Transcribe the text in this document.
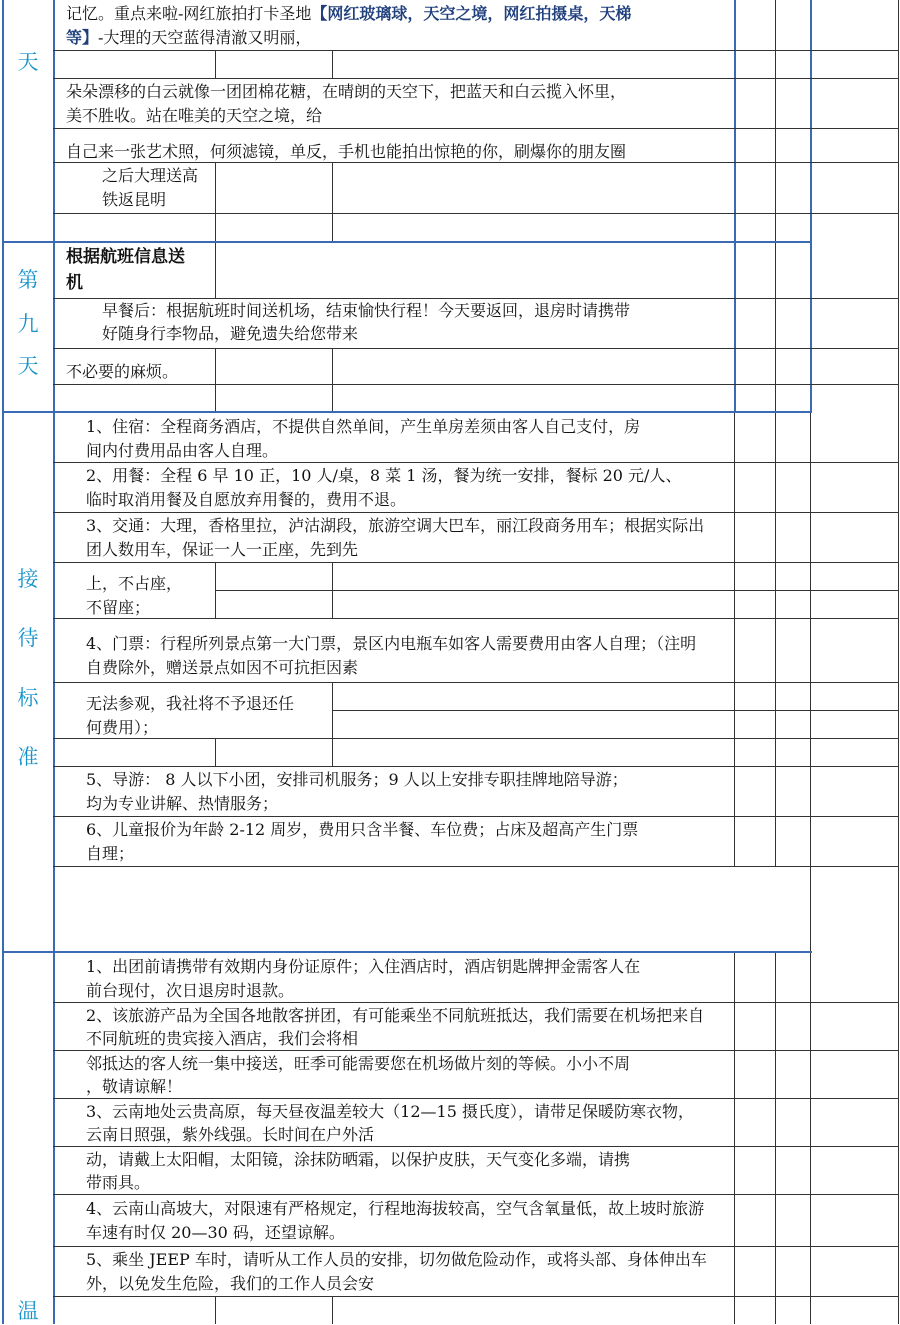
天
第
九
天
接
待
标
准
温
记忆。重点来啦-网红旅拍打卡圣地【网红玻璃球，天空之境，网红拍摄桌，天梯
等】-大理的天空蓝得清澈又明丽，
朵朵漂移的白云就像一团团棉花糖，在晴朗的天空下，把蓝天和白云揽入怀里，
美不胜收。站在唯美的天空之境，给
自己来一张艺术照，何须滤镜，单反，手机也能拍出惊艳的你，刷爆你的朋友圈
之后大理送高
铁返昆明
根据航班信息送
机
早餐后：根据航班时间送机场，结束愉快行程！今天要返回，退房时请携带
好随身行李物品，避免遗失给您带来
不必要的麻烦。
1、住宿：全程商务酒店，不提供自然单间，产生单房差须由客人自己支付，房
间内付费用品由客人自理。
2、用餐：全程 6 早 10 正，10 人/桌，8 菜 1 汤，餐为统一安排，餐标 20 元/人、
临时取消用餐及自愿放弃用餐的，费用不退。
3、交通：大理，香格里拉，泸沽湖段，旅游空调大巴车，丽江段商务用车；根据实际出
团人数用车，保证一人一正座，先到先
上，不占座，
不留座；
4、门票：行程所列景点第一大门票，景区内电瓶车如客人需要费用由客人自理；（注明
自费除外，赠送景点如因不可抗拒因素
无法参观，我社将不予退还任
何费用）；
5、导游： 8 人以下小团，安排司机服务；9 人以上安排专职挂牌地陪导游；
均为专业讲解、热情服务；
6、儿童报价为年龄 2-12 周岁，费用只含半餐、车位费；占床及超高产生门票
自理；
1、出团前请携带有效期内身份证原件；入住酒店时，酒店钥匙牌押金需客人在
前台现付，次日退房时退款。
2、该旅游产品为全国各地散客拼团，有可能乘坐不同航班抵达，我们需要在机场把来自
不同航班的贵宾接入酒店，我们会将相
邻抵达的客人统一集中接送，旺季可能需要您在机场做片刻的等候。小小不周
，敬请谅解！
3、云南地处云贵高原，每天昼夜温差较大（12—15 摄氏度），请带足保暖防寒衣物，
云南日照强，紫外线强。长时间在户外活
动，请戴上太阳帽，太阳镜，涂抹防晒霜，以保护皮肤，天气变化多端，请携
带雨具。
4、云南山高坡大，对限速有严格规定，行程地海拔较高，空气含氧量低，故上坡时旅游
车速有时仅 20—30 码，还望谅解。
5、乘坐 JEEP 车时，请听从工作人员的安排，切勿做危险动作，或将头部、身体伸出车
外，以免发生危险，我们的工作人员会安
